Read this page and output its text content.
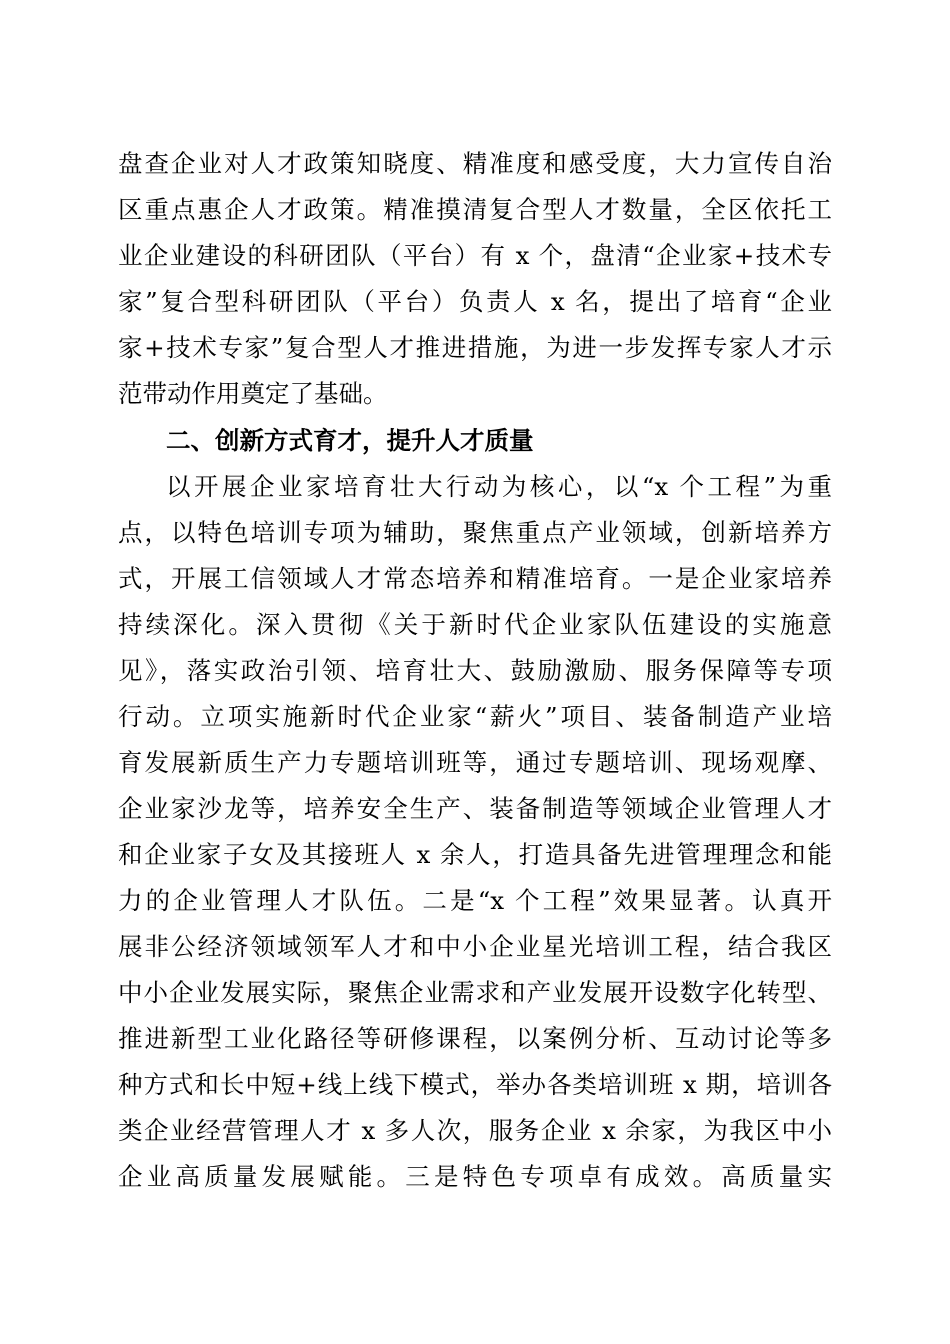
盘查企业对人才政策知晓度、精准度和感受度，大力宣传自治
区重点惠企人才政策。精准摸清复合型人才数量，全区依托工
业企业建设的科研团队（平台）有 x 个，盘清“企业家+技术专
家”复合型科研团队（平台）负责人 x 名，提出了培育“企业
家+技术专家”复合型人才推进措施，为进一步发挥专家人才示
范带动作用奠定了基础。
二、创新方式育才，提升人才质量
以开展企业家培育壮大行动为核心，以“x 个工程”为重
点，以特色培训专项为辅助，聚焦重点产业领域，创新培养方
式，开展工信领域人才常态培养和精准培育。一是企业家培养
持续深化。深入贯彻《关于新时代企业家队伍建设的实施意
见》，落实政治引领、培育壮大、鼓励激励、服务保障等专项
行动。立项实施新时代企业家“薪火”项目、装备制造产业培
育发展新质生产力专题培训班等，通过专题培训、现场观摩、
企业家沙龙等，培养安全生产、装备制造等领域企业管理人才
和企业家子女及其接班人 x 余人，打造具备先进管理理念和能
力的企业管理人才队伍。二是“x 个工程”效果显著。认真开
展非公经济领域领军人才和中小企业星光培训工程，结合我区
中小企业发展实际，聚焦企业需求和产业发展开设数字化转型、
推进新型工业化路径等研修课程，以案例分析、互动讨论等多
种方式和长中短+线上线下模式，举办各类培训班 x 期，培训各
类企业经营管理人才 x 多人次，服务企业 x 余家，为我区中小
企业高质量发展赋能。三是特色专项卓有成效。高质量实
